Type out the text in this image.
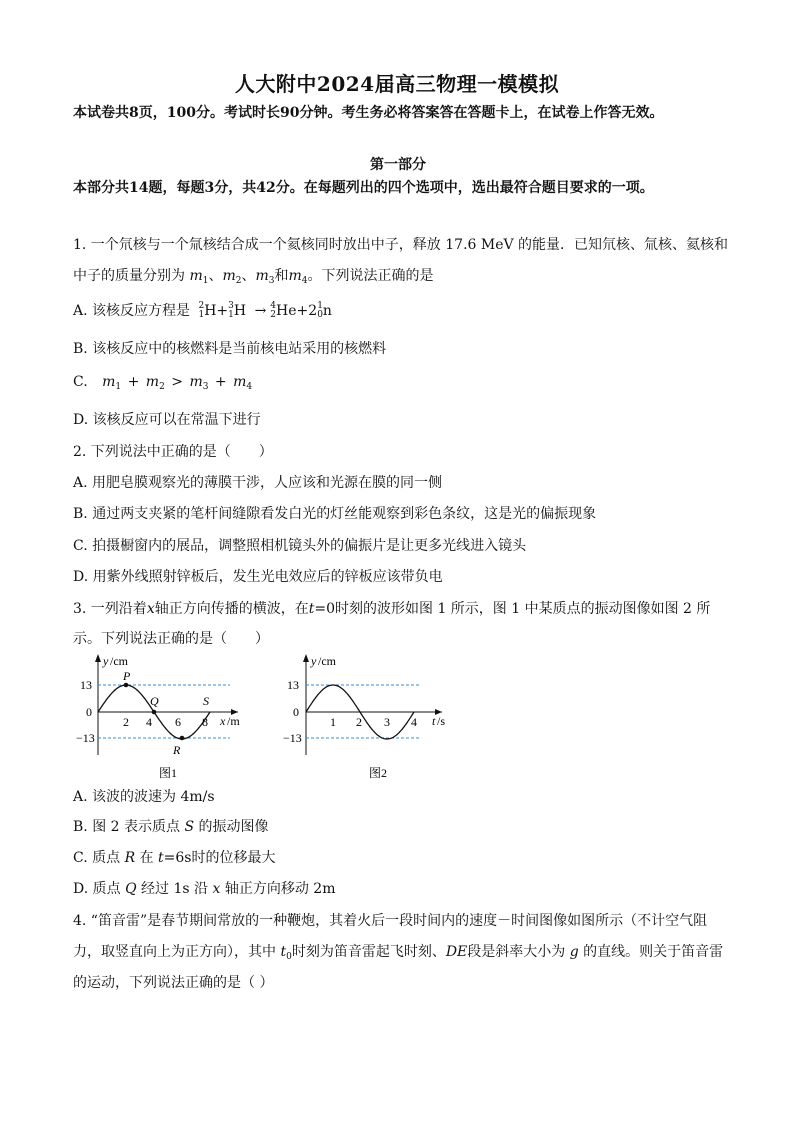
人大附中2024届高三物理一模模拟
本试卷共8页，100分。考试时长90分钟。考生务必将答案答在答题卡上，在试卷上作答无效。
第一部分
本部分共14题，每题3分，共42分。在每题列出的四个选项中，选出最符合题目要求的一项。
1. 一个氘核与一个氚核结合成一个氦核同时放出中子，释放 17.6 MeV 的能量．已知氘核、氚核、氦核和
中子的质量分别为 $m_1$、$m_2$、$m_3$和$m_4$。下列说法正确的是
A. 该核反应方程是 2
1H+3
1H → 4
2He+21
0n
B. 该核反应中的核燃料是当前核电站采用的核燃料
C. $m_1 + m_2 > m_3 + m_4$
D. 该核反应可以在常温下进行
2. 下列说法中正确的是（　　）
A. 用肥皂膜观察光的薄膜干涉，人应该和光源在膜的同一侧
B. 通过两支夹紧的笔杆间缝隙看发白光的灯丝能观察到彩色条纹，这是光的偏振现象
C. 拍摄橱窗内的展品，调整照相机镜头外的偏振片是让更多光线进入镜头
D. 用紫外线照射锌板后，发生光电效应后的锌板应该带负电
3. 一列沿着x轴正方向传播的横波，在t=0时刻的波形如图 1 所示，图 1 中某质点的振动图像如图 2 所
示。下列说法正确的是（　　）
y /cm
x /m
13
0
−13
2 4 6 8
P
Q
R
S
图1
y /cm
t /s
13
0
−13
1 2 3 4
图2
A. 该波的波速为 4m/s
B. 图 2 表示质点 S 的振动图像
C. 质点 R 在 t=6s时的位移最大
D. 质点 Q 经过 1s 沿 x 轴正方向移动 2m
4. “笛音雷”是春节期间常放的一种鞭炮，其着火后一段时间内的速度－时间图像如图所示（不计空气阻
力，取竖直向上为正方向），其中 $t_0$时刻为笛音雷起飞时刻、DE段是斜率大小为 g 的直线。则关于笛音雷
的运动，下列说法正确的是（ ）
